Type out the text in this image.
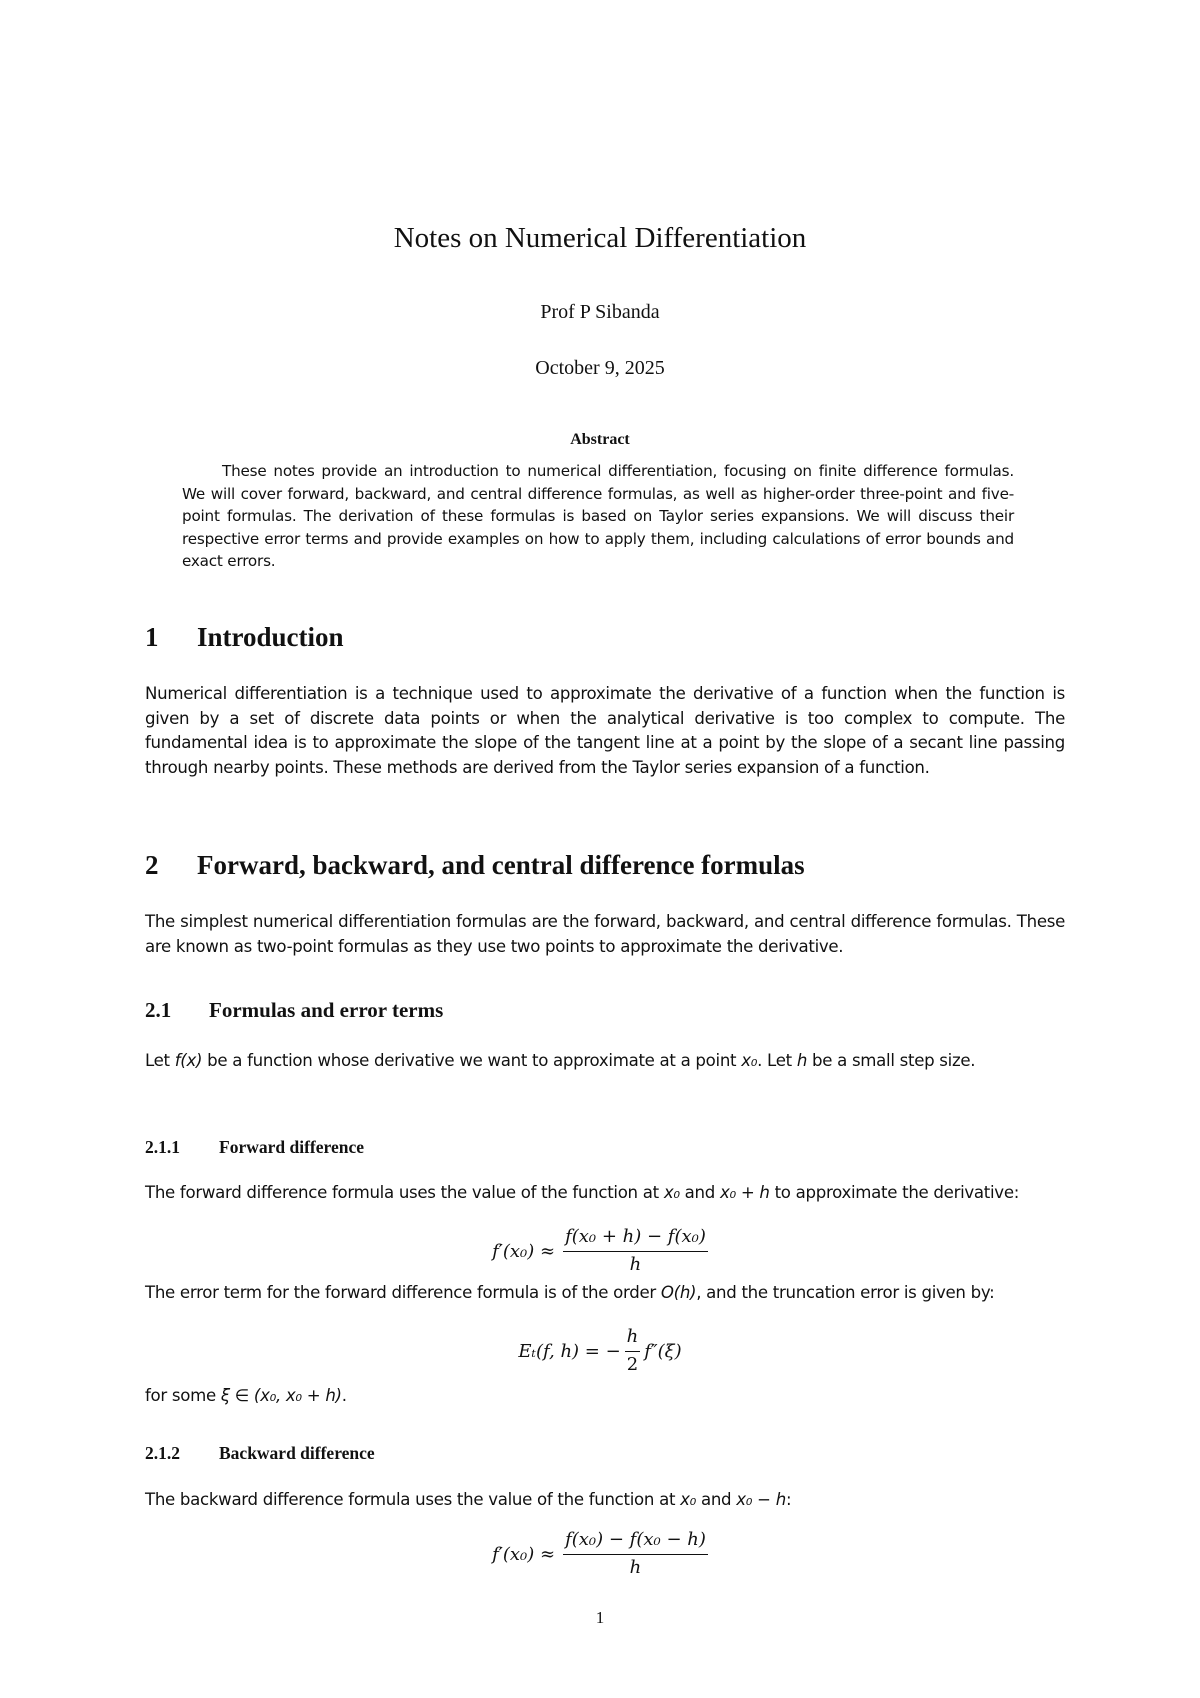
Notes on Numerical Differentiation
Prof P Sibanda
October 9, 2025
Abstract

These notes provide an introduction to numerical differentiation, focusing on finite difference formulas. We will cover forward, backward, and central difference formulas, as well as higher-order three-point and five-point formulas. The derivation of these formulas is based on Taylor series expansions. We will discuss their respective error terms and provide examples on how to apply them, including calculations of error bounds and exact errors.

1 Introduction

Numerical differentiation is a technique used to approximate the derivative of a function when the function is given by a set of discrete data points or when the analytical derivative is too complex to compute. The fundamental idea is to approximate the slope of the tangent line at a point by the slope of a secant line passing through nearby points. These methods are derived from the Taylor series expansion of a function.

2 Forward, backward, and central difference formulas

The simplest numerical differentiation formulas are the forward, backward, and central difference formulas. These are known as two-point formulas as they use two points to approximate the derivative.

2.1 Formulas and error terms

Let f(x) be a function whose derivative we want to approximate at a point x₀. Let h be a small step size.

2.1.1 Forward difference

The forward difference formula uses the value of the function at x₀ and x₀ + h to approximate the derivative:

$f'(x_0) \approx \frac{\text{f(x₀ + h) − f(x₀)}}{h}$

The error term for the forward difference formula is of the order O(h), and the truncation error is given by:

Eₜ(f, h) = − $\frac{h}{2} f''(\xi)$

for some ξ ∈ (x₀, x₀ + h).

2.1.2 Backward difference

The backward difference formula uses the value of the function at x₀ and x₀ − h:

$f'(x_0) \approx \frac{\text{f(x₀) − f(x₀ − h)}}{h}$
1
